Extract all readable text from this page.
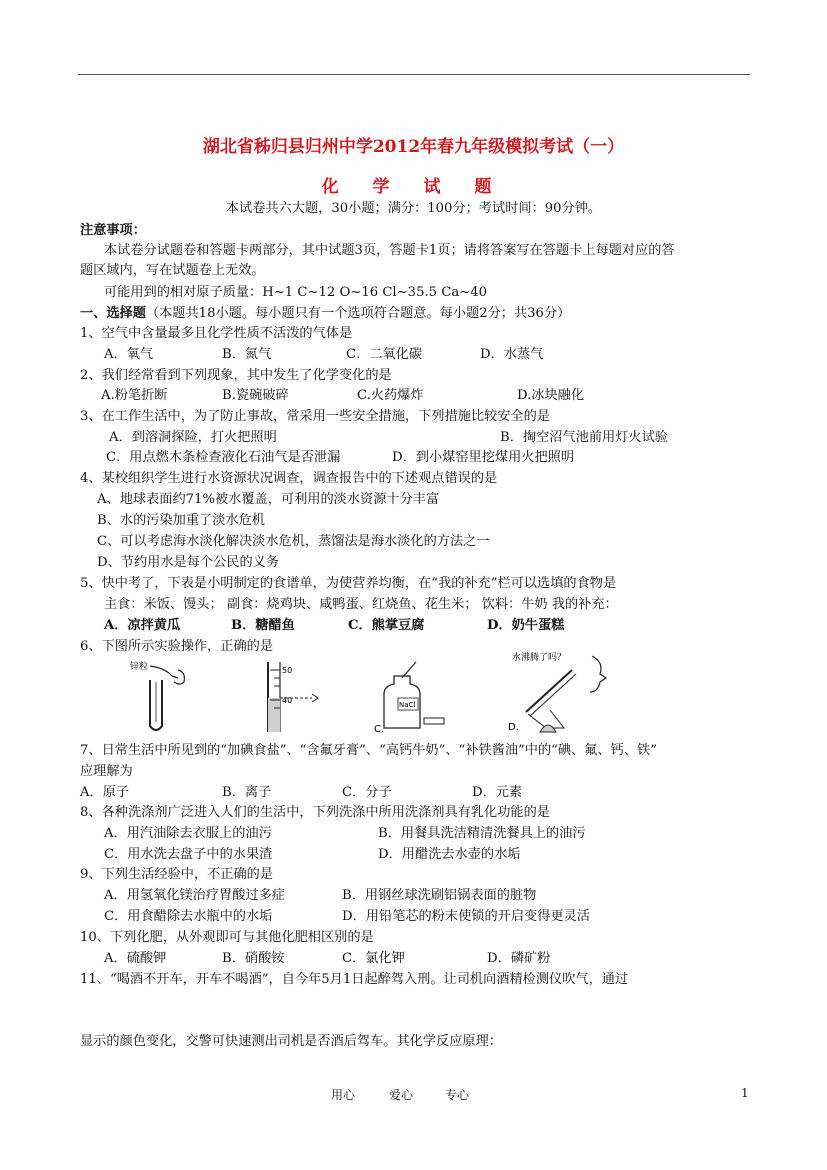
湖北省秭归县归州中学2012年春九年级模拟考试（一）
化 学 试 题
本试卷共六大题，30小题；满分：100分；考试时间：90分钟。
注意事项：
本试卷分试题卷和答题卡两部分，其中试题3页，答题卡1页；请将答案写在答题卡上每题对应的答
题区域内，写在试题卷上无效。
可能用到的相对原子质量：H~1 C~12 O~16 Cl~35.5 Ca~40
一、选择题（本题共18小题。每小题只有一个选项符合题意。每小题2分；共36分）
1、空气中含量最多且化学性质不活泼的气体是
A．氧气	B．氮气	C．二氧化碳	D．水蒸气
2、我们经常看到下列现象，其中发生了化学变化的是
A.粉笔折断	B.瓷碗破碎	C.火药爆炸	D.冰块融化
3、在工作生活中，为了防止事故，常采用一些安全措施，下列措施比较安全的是
A．到溶洞探险，打火把照明	B．掏空沼气池前用灯火试验
C．用点燃木条检查液化石油气是否泄漏	D．到小煤窑里挖煤用火把照明
4、某校组织学生进行水资源状况调查，调查报告中的下述观点错误的是
A、地球表面约71%被水覆盖，可利用的淡水资源十分丰富
B、水的污染加重了淡水危机
C、可以考虑海水淡化解决淡水危机，蒸馏法是海水淡化的方法之一
D、节约用水是每个公民的义务
5、快中考了，下表是小明制定的食谱单，为使营养均衡，在“我的补充”栏可以选填的食物是
主食：米饭、馒头； 副食：烧鸡块、咸鸭蛋、红烧鱼、花生米； 饮料：牛奶 我的补充：
A．凉拌黄瓜	B．糖醋鱼	C．熊掌豆腐	D．奶牛蛋糕
6、下图所示实验操作，正确的是
锌粒	50
40	NaCl
C．
水沸腾了吗？
D．
7、日常生活中所见到的“加碘食盐”、“含氟牙膏”、“高钙牛奶”、“补铁酱油”中的“碘、氟、钙、铁”
应理解为
A．原子	B．离子	C．分子	D．元素
8、各种洗涤剂广泛进入人们的生活中，下列洗涤中所用洗涤剂具有乳化功能的是
A．用汽油除去衣服上的油污	B．用餐具洗洁精清洗餐具上的油污
C．用水洗去盘子中的水果渣	D．用醋洗去水壶的水垢
9、下列生活经验中，不正确的是
A．用氢氧化镁治疗胃酸过多症	B．用钢丝球洗刷铝锅表面的脏物
C．用食醋除去水瓶中的水垢	D．用铅笔芯的粉末使锁的开启变得更灵活
10、下列化肥，从外观即可与其他化肥相区别的是
A．硫酸钾	B．硝酸铵	C．氯化钾	D．磷矿粉
11、“喝酒不开车，开车不喝酒”，自今年5月1日起醉驾入刑。让司机向酒精检测仪吹气，通过
显示的颜色变化，交警可快速测出司机是否酒后驾车。其化学反应原理：
用心	爱心	专心	1
